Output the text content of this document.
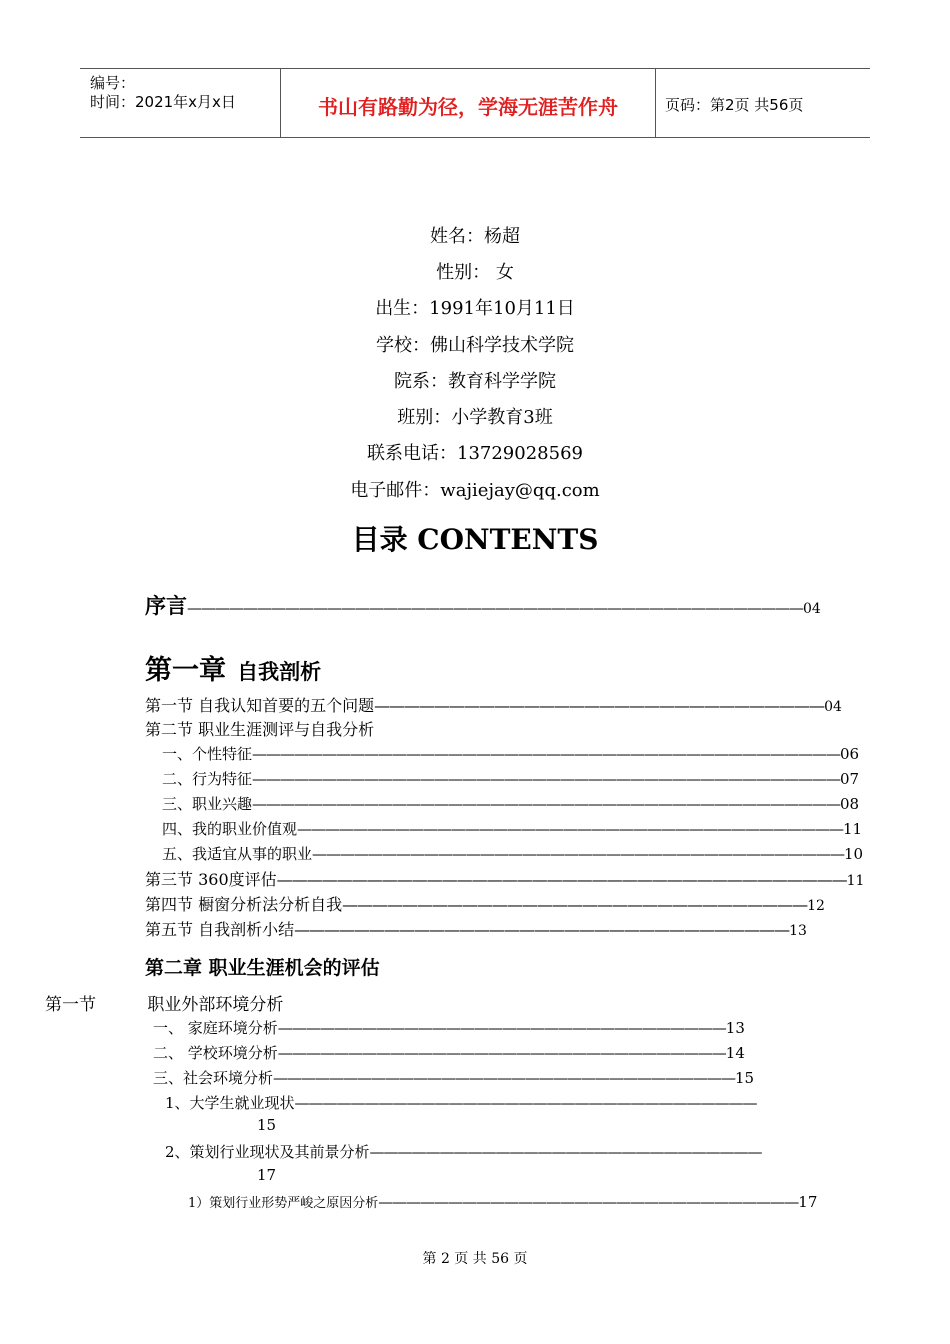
编号：
时间：2021年x月x日	书山有路勤为径，学海无涯苦作舟	页码：第2页 共56页
姓名：杨超
性别： 女
出生：1991年10月11日
学校：佛山科学技术学院
院系：教育科学学院
班别：小学教育3班
联系电话：13729028569
电子邮件：wajiejay@qq.com
目录 CONTENTS
序言————————————————————————————————————————————04
第一章 自我剖析
第一节 自我认知首要的五个问题——————————————————————————————04
第二节 职业生涯测评与自我分析
一、个性特征——————————————————————————————————————————06
二、行为特征——————————————————————————————————————————07
三、职业兴趣——————————————————————————————————————————08
四、我的职业价值观———————————————————————————————————————11
五、我适宜从事的职业——————————————————————————————————————10
第三节 360度评估——————————————————————————————————————11
第四节 橱窗分析法分析自我———————————————————————————————12
第五节 自我剖析小结—————————————————————————————————13
第二章 职业生涯机会的评估
第一节	职业外部环境分析
一、 家庭环境分析————————————————————————————————13
二、 学校环境分析————————————————————————————————14
三、社会环境分析—————————————————————————————————15
1、大学生就业现状—————————————————————————————————
15
2、策划行业现状及其前景分析————————————————————————————
17
1）策划行业形势严峻之原因分析——————————————————————————————17
第 2 页 共 56 页
